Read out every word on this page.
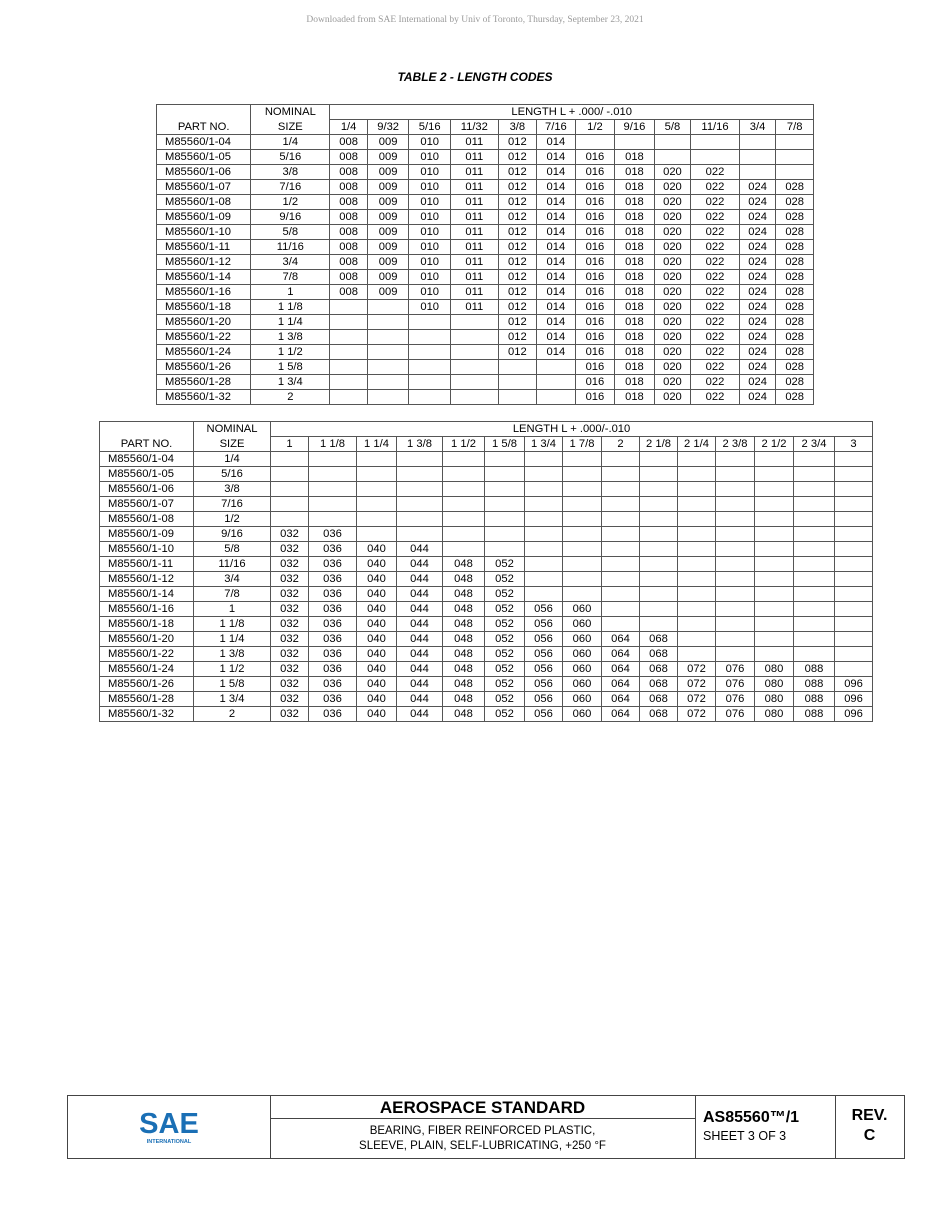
Downloaded from SAE International by Univ of Toronto, Thursday, September 23, 2021
TABLE 2 - LENGTH CODES
	NOMINAL	LENGTH L + .000/ -.010											
PART NO.	SIZE	1/4	9/32	5/16	11/32	3/8	7/16	1/2	9/16	5/8	11/16	3/4	7/8
M85560/1-04	1/4	008	009	010	011	012	014						
M85560/1-05	5/16	008	009	010	011	012	014	016	018				
M85560/1-06	3/8	008	009	010	011	012	014	016	018	020	022		
M85560/1-07	7/16	008	009	010	011	012	014	016	018	020	022	024	028
M85560/1-08	1/2	008	009	010	011	012	014	016	018	020	022	024	028
M85560/1-09	9/16	008	009	010	011	012	014	016	018	020	022	024	028
M85560/1-10	5/8	008	009	010	011	012	014	016	018	020	022	024	028
M85560/1-11	11/16	008	009	010	011	012	014	016	018	020	022	024	028
M85560/1-12	3/4	008	009	010	011	012	014	016	018	020	022	024	028
M85560/1-14	7/8	008	009	010	011	012	014	016	018	020	022	024	028
M85560/1-16	1	008	009	010	011	012	014	016	018	020	022	024	028
M85560/1-18	1 1/8			010	011	012	014	016	018	020	022	024	028
M85560/1-20	1 1/4					012	014	016	018	020	022	024	028
M85560/1-22	1 3/8					012	014	016	018	020	022	024	028
M85560/1-24	1 1/2					012	014	016	018	020	022	024	028
M85560/1-26	1 5/8							016	018	020	022	024	028
M85560/1-28	1 3/4							016	018	020	022	024	028
M85560/1-32	2							016	018	020	022	024	028
	NOMINAL	LENGTH L + .000/-.010														
PART NO.	SIZE	1	1 1/8	1 1/4	1 3/8	1 1/2	1 5/8	1 3/4	1 7/8	2	2 1/8	2 1/4	2 3/8	2 1/2	2 3/4	3
M85560/1-04	1/4															
M85560/1-05	5/16															
M85560/1-06	3/8															
M85560/1-07	7/16															
M85560/1-08	1/2															
M85560/1-09	9/16	032	036													
M85560/1-10	5/8	032	036	040	044											
M85560/1-11	11/16	032	036	040	044	048	052									
M85560/1-12	3/4	032	036	040	044	048	052									
M85560/1-14	7/8	032	036	040	044	048	052									
M85560/1-16	1	032	036	040	044	048	052	056	060							
M85560/1-18	1 1/8	032	036	040	044	048	052	056	060							
M85560/1-20	1 1/4	032	036	040	044	048	052	056	060	064	068					
M85560/1-22	1 3/8	032	036	040	044	048	052	056	060	064	068					
M85560/1-24	1 1/2	032	036	040	044	048	052	056	060	064	068	072	076	080	088	
M85560/1-26	1 5/8	032	036	040	044	048	052	056	060	064	068	072	076	080	088	096
M85560/1-28	1 3/4	032	036	040	044	048	052	056	060	064	068	072	076	080	088	096
M85560/1-32	2	032	036	040	044	048	052	056	060	064	068	072	076	080	088	096
SAE
INTERNATIONAL
AEROSPACE STANDARD
BEARING, FIBER REINFORCED PLASTIC,
SLEEVE, PLAIN, SELF-LUBRICATING, +250 °F
AS85560™/1
SHEET 3 OF 3
REV.
C
